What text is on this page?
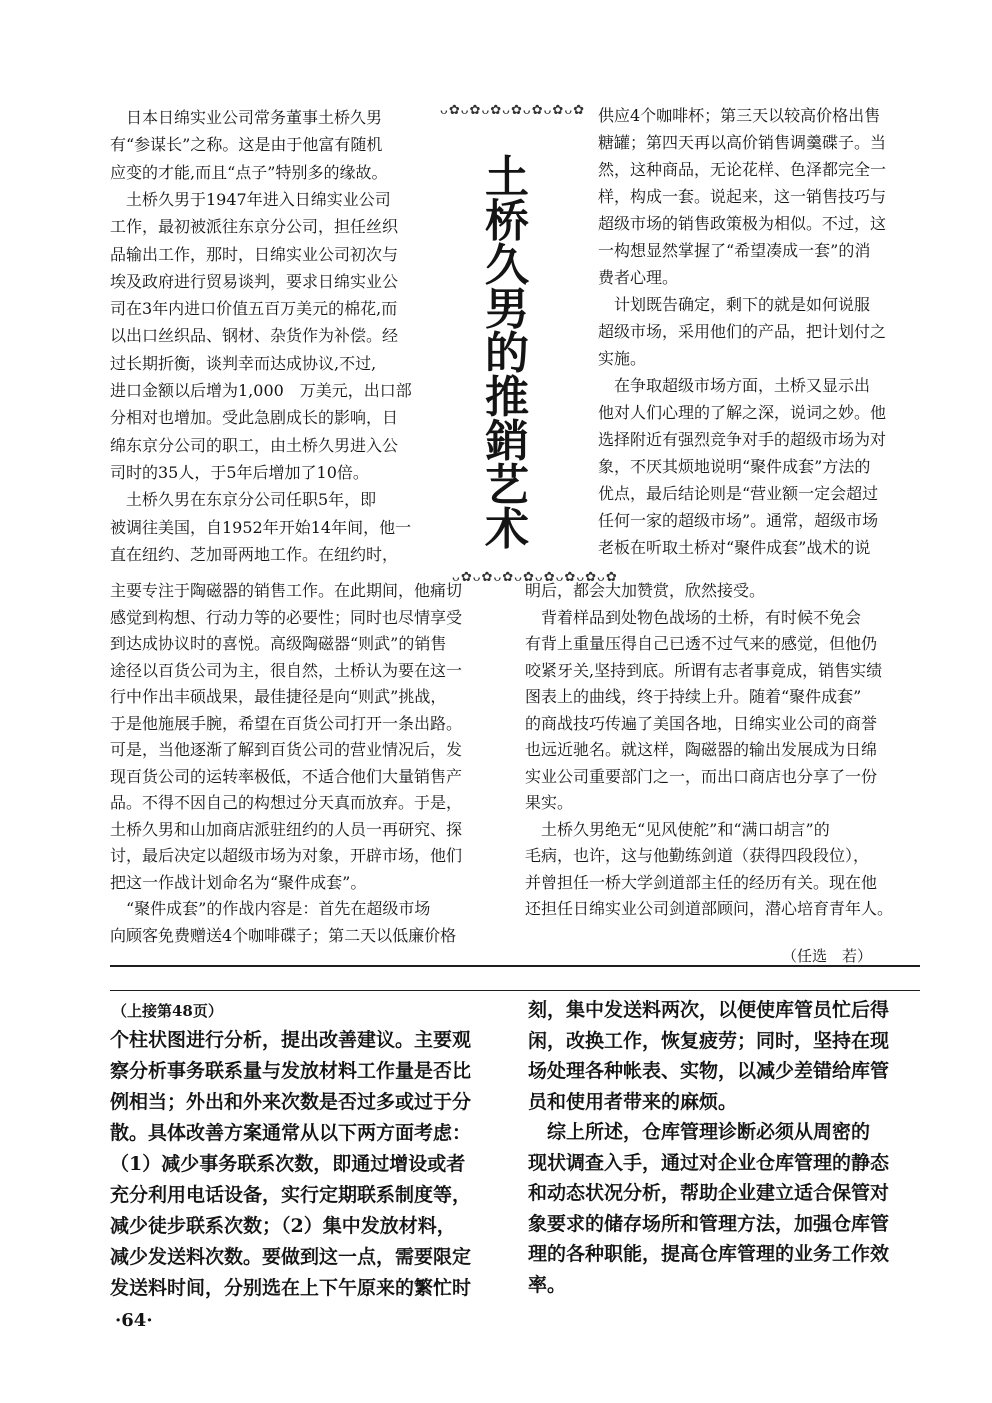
ᴗ✿ᴗ✿ᴗ✿ᴗ✿ᴗ✿ᴗ✿ᴗ✿
ᴗ✿ᴗ✿ᴗ✿ᴗ✿ᴗ✿ᴗ✿ᴗ✿ᴗ✿
土
桥
久
男
的
推
銷
艺
术
　日本日绵实业公司常务董事土桥久男
有“参谋长”之称。这是由于他富有随机
应变的才能,而且“点子”特别多的缘故。
　土桥久男于1947年进入日绵实业公司
工作，最初被派往东京分公司，担任丝织
品输出工作，那时，日绵实业公司初次与
埃及政府进行贸易谈判，要求日绵实业公
司在3年内进口价值五百万美元的棉花,而
以出口丝织品、钢材、杂货作为补偿。经
过长期折衡，谈判幸而达成协议,不过,
进口金额以后增为1,000　万美元，出口部
分相对也增加。受此急剧成长的影响，日
绵东京分公司的职工，由土桥久男进入公
司时的35人，于5年后增加了10倍。
　土桥久男在东京分公司任职5年，即
被调往美国，自1952年开始14年间，他一
直在纽约、芝加哥两地工作。在纽约时，
主要专注于陶磁器的销售工作。在此期间，他痛切
感觉到构想、行动力等的必要性；同时也尽情享受
到达成协议时的喜悦。高级陶磁器“则武”的销售
途径以百货公司为主，很自然，土桥认为要在这一
行中作出丰硕战果，最佳捷径是向“则武”挑战，
于是他施展手腕，希望在百货公司打开一条出路。
可是，当他逐渐了解到百货公司的营业情况后，发
现百货公司的运转率极低，不适合他们大量销售产
品。不得不因自己的构想过分天真而放弃。于是，
土桥久男和山加商店派驻纽约的人员一再研究、探
讨，最后决定以超级市场为对象，开辟市场，他们
把这一作战计划命名为“聚件成套”。
　“聚件成套”的作战内容是：首先在超级市场
向顾客免费赠送4个咖啡碟子；第二天以低廉价格
供应4个咖啡杯；第三天以较高价格出售
糖罐；第四天再以高价销售调羹碟子。当
然，这种商品，无论花样、色泽都完全一
样，构成一套。说起来，这一销售技巧与
超级市场的销售政策极为相似。不过，这
一构想显然掌握了“希望凑成一套”的消
费者心理。
　计划既告确定，剩下的就是如何说服
超级市场，采用他们的产品，把计划付之
实施。
　在争取超级市场方面，土桥又显示出
他对人们心理的了解之深，说词之妙。他
选择附近有强烈竞争对手的超级市场为对
象，不厌其烦地说明“聚件成套”方法的
优点，最后结论则是“营业额一定会超过
任何一家的超级市场”。通常，超级市场
老板在听取土桥对“聚件成套”战术的说
明后，都会大加赞赏，欣然接受。
　背着样品到处物色战场的土桥，有时候不免会
有背上重量压得自己已透不过气来的感觉，但他仍
咬紧牙关,坚持到底。所谓有志者事竟成，销售实绩
图表上的曲线，终于持续上升。随着“聚件成套”
的商战技巧传遍了美国各地，日绵实业公司的商誉
也远近驰名。就这样，陶磁器的输出发展成为日绵
实业公司重要部门之一，而出口商店也分享了一份
果实。
　土桥久男绝无“见风使舵”和“满口胡言”的
毛病，也许，这与他勤练剑道（获得四段段位），
并曾担任一桥大学剑道部主任的经历有关。现在他
还担任日绵实业公司剑道部顾问，潜心培育青年人。
（任选　若）
（上接第48页）
个柱状图进行分析，提出改善建议。主要观
察分析事务联系量与发放材料工作量是否比
例相当；外出和外来次数是否过多或过于分
散。具体改善方案通常从以下两方面考虑：
（1）减少事务联系次数，即通过增设或者
充分利用电话设备，实行定期联系制度等，
减少徒步联系次数；（2）集中发放材料，
减少发送料次数。要做到这一点，需要限定
发送料时间，分别选在上下午原来的繁忙时
刻，集中发送料两次，以便使库管员忙后得
闲，改换工作，恢复疲劳；同时，坚持在现
场处理各种帐表、实物，以减少差错给库管
员和使用者带来的麻烦。
　综上所述，仓库管理诊断必须从周密的
现状调查入手，通过对企业仓库管理的静态
和动态状况分析，帮助企业建立适合保管对
象要求的储存场所和管理方法，加强仓库管
理的各种职能，提高仓库管理的业务工作效
率。
·64·
